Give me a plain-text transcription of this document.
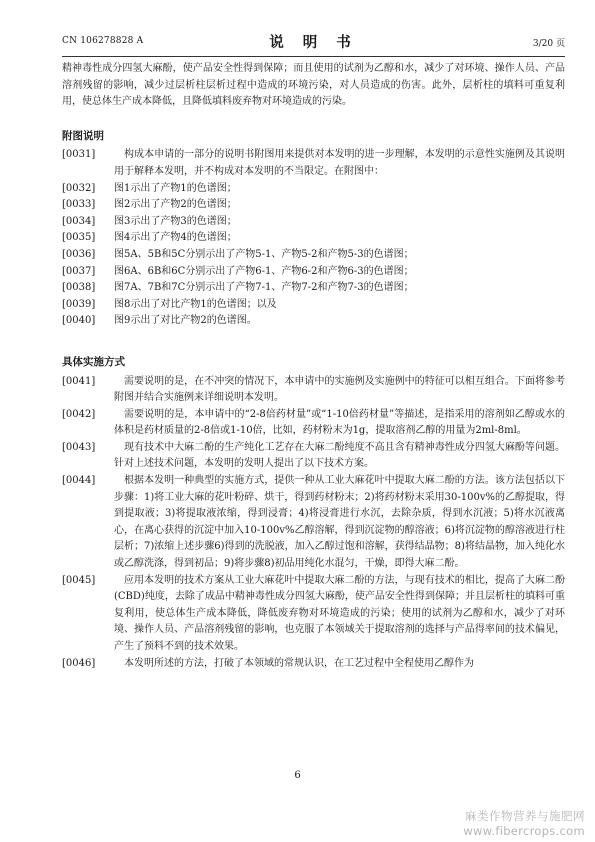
CN 106278828 A	说 明 书	3/20 页

精神毒性成分四氢大麻酚，使产品安全性得到保障；而且使用的试剂为乙醇和水，减少了对环境、操作人员、产品溶剂残留的影响，减少过层析柱层析过程中造成的环境污染，对人员造成的伤害。此外，层析柱的填料可重复利用，使总体生产成本降低，且降低填料废弃物对环境造成的污染。

附图说明
[0031]	构成本申请的一部分的说明书附图用来提供对本发明的进一步理解，本发明的示意性实施例及其说明用于解释本发明，并不构成对本发明的不当限定。在附图中：
[0032]	图1示出了产物1的色谱图；
[0033]	图2示出了产物2的色谱图；
[0034]	图3示出了产物3的色谱图；
[0035]	图4示出了产物4的色谱图；
[0036]	图5A、5B和5C分别示出了产物5-1、产物5-2和产物5-3的色谱图；
[0037]	图6A、6B和6C分别示出了产物6-1、产物6-2和产物6-3的色谱图；
[0038]	图7A、7B和7C分别示出了产物7-1、产物7-2和产物7-3的色谱图；
[0039]	图8示出了对比产物1的色谱图；以及
[0040]	图9示出了对比产物2的色谱图。
具体实施方式
[0041]	需要说明的是，在不冲突的情况下，本申请中的实施例及实施例中的特征可以相互组合。下面将参考附图并结合实施例来详细说明本发明。
[0042]	需要说明的是，本申请中的“2-8倍药材量”或“1-10倍药材量”等描述，是指采用的溶剂如乙醇或水的体积是药材质量的2-8倍或1-10倍，比如，药材粉末为1g，提取溶剂乙醇的用量为2ml-8ml。
[0043]	现有技术中大麻二酚的生产纯化工艺存在大麻二酚纯度不高且含有精神毒性成分四氢大麻酚等问题。针对上述技术问题，本发明的发明人提出了以下技术方案。
[0044]	根据本发明一种典型的实施方式，提供一种从工业大麻花叶中提取大麻二酚的方法。该方法包括以下步骤：1)将工业大麻的花叶粉碎、烘干，得到药材粉末；2)将药材粉末采用30-100v%的乙醇提取，得到提取液；3)将提取液浓缩，得到浸膏；4)将浸膏进行水沉，去除杂质，得到水沉液；5)将水沉液离心，在离心获得的沉淀中加入10-100v%乙醇溶解，得到沉淀物的醇溶液；6)将沉淀物的醇溶液进行柱层析；7)浓缩上述步骤6)得到的洗脱液，加入乙醇过饱和溶解，获得结晶物；8)将结晶物，加入纯化水或乙醇洗涤，得到初品；9)将步骤8)初品用纯化水混匀，干燥，即得大麻二酚。
[0045]	应用本发明的技术方案从工业大麻花叶中提取大麻二酚的方法，与现有技术的相比，提高了大麻二酚(CBD)纯度，去除了成品中精神毒性成分四氢大麻酚，使产品安全性得到保障；并且层析柱的填料可重复利用，使总体生产成本降低，降低废弃物对环境造成的污染；使用的试剂为乙醇和水，减少了对环境、操作人员、产品溶剂残留的影响，也克服了本领域关于提取溶剂的选择与产品得率间的技术偏见，产生了预料不到的技术效果。
[0046]	本发明所述的方法，打破了本领域的常规认识，在工艺过程中全程使用乙醇作为
6
麻类作物营养与施肥网
www.fibercrops.com
